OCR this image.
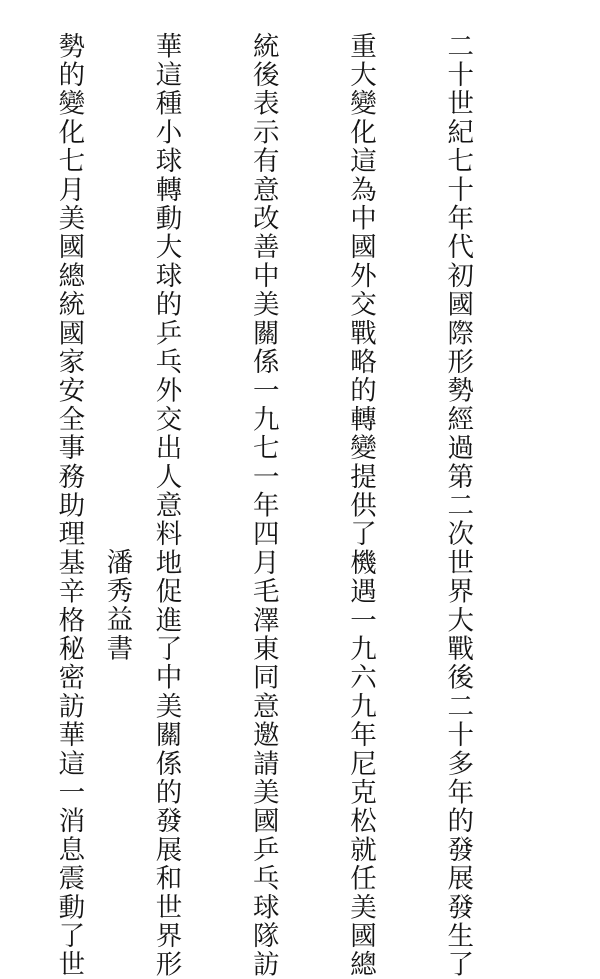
二十世紀七十年代初國際形勢經過第二次世界大戰後二十多年的發展發生了

重大變化這為中國外交戰略的轉變提供了機遇一九六九年尼克松就任美國總

統後表示有意改善中美關係一九七一年四月毛澤東同意邀請美國乒乓球隊訪

華這種小球轉動大球的乒乓外交出人意料地促進了中美關係的發展和世界形

勢的變化七月美國總統國家安全事務助理基辛格秘密訪華這一消息震動了世

潘秀益書
